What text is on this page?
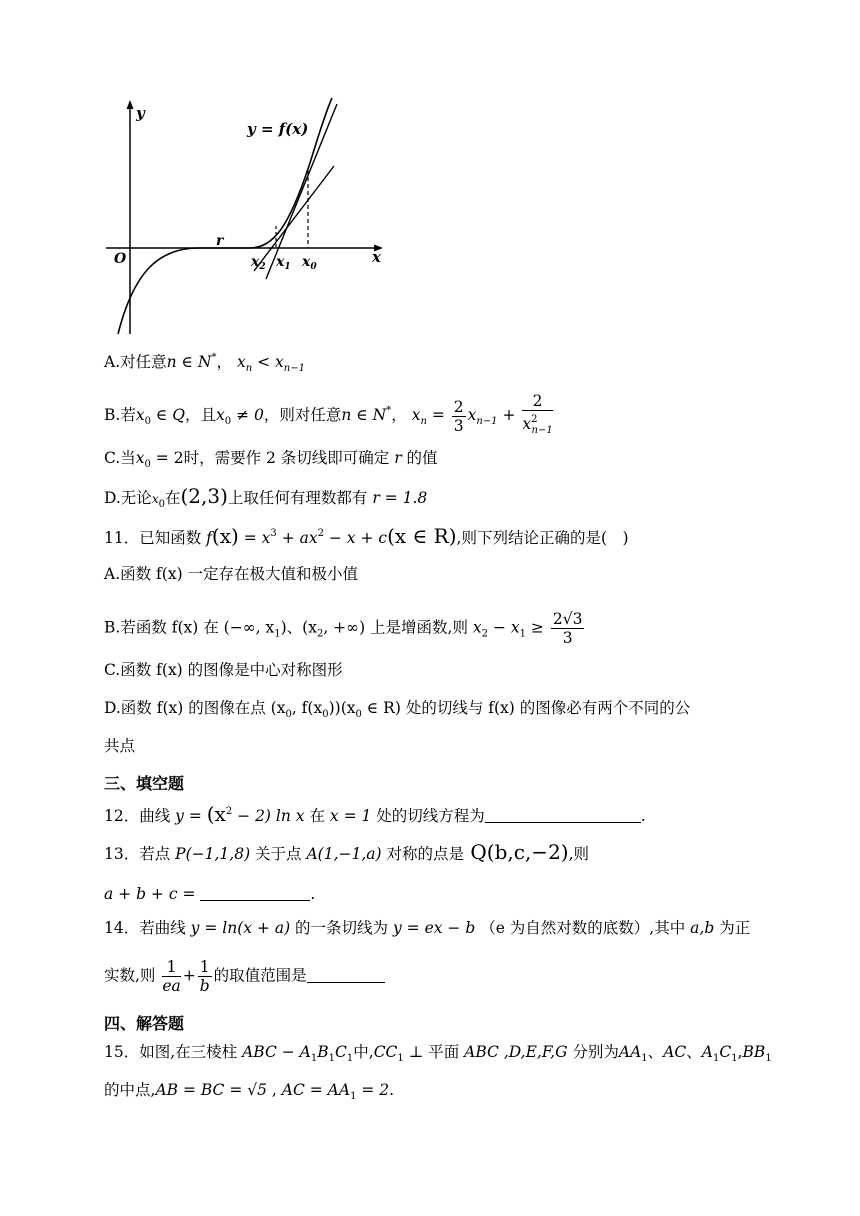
y
x
O
y = f(x)
r
$x_2$ $x_1$ $x_0$
A.对任意n ∈ N*， $x_n < x_{n-1}$
B.若$x_0$ ∈ Q，且$x_0 \ne 0$，则对任意n ∈ N*， $x_n = \frac{2}{3} x_{n-1} + \frac{2}{x^2_{n-1}}$
C.当$x_0 = 2$时，需要作 2 条切线即可确定 r 的值
D.无论$x_0$在(2,3)上取任何有理数都有 r = 1.8
11．已知函数 $f(x) = x^3 + ax^2 - x + c(x$ ∈ R),则下列结论正确的是(　)
A.函数 f(x) 一定存在极大值和极小值
B.若函数 f(x) 在 (−∞, $x_1$)、($x_2$, +∞) 上是增函数,则 $x_2 - x_1 \ge \frac{2√3}{3}$
C.函数 f(x) 的图像是中心对称图形
D.函数 f(x) 的图像在点 ($x_0$, $f(x_0))(x_0$ ∈ R) 处的切线与 f(x) 的图像必有两个不同的公
共点
三、填空题
12．曲线 $y = (x^2 - 2)$ ln x 在 x = 1 处的切线方程为	.
13．若点 P(−1,1,8) 关于点 A(1,−1,a) 对称的点是 Q(b,c,−2),则
a + b + c =	.
14．若曲线 y = ln(x + a) 的一条切线为 y = ex − b （e 为自然对数的底数）,其中 a,b 为正
实数,则 $\frac{1}{ea} + \frac{1}{b}$ 的取值范围是
四、解答题
15．如图,在三棱柱 ABC − $A_1B_1C_1$中$,CC_1$ ⊥ 平面 ABC ,D,E,F,G 分别为$AA_1$、AC、$A_1C_1,BB_1$
的中点,AB = BC = √5 , AC = $AA_1 = 2$.
